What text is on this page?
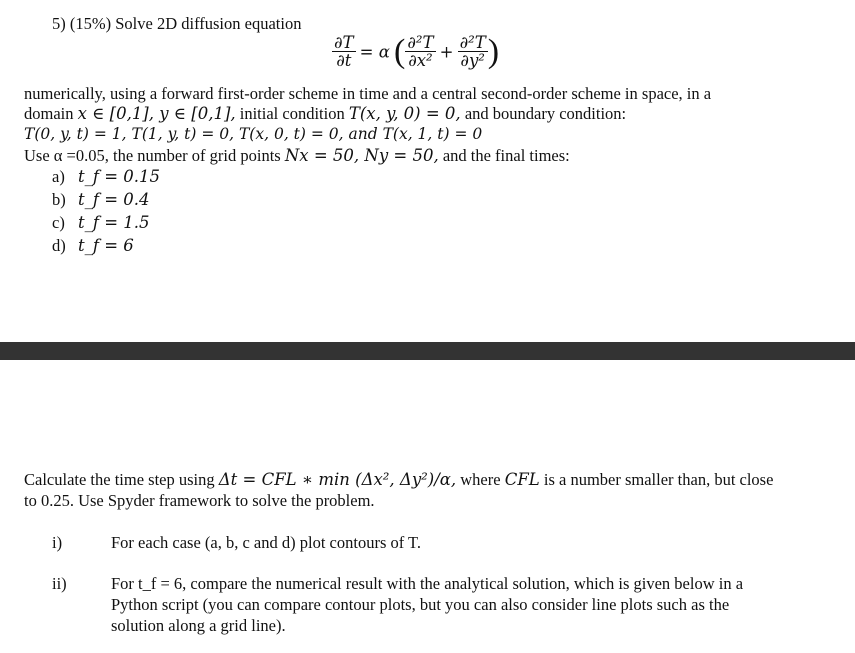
5) (15%) Solve 2D diffusion equation
$\frac{\partial T}{\partial t} = \alpha$ ( $\frac{\text{∂²T}}{\text{∂x²}} + \frac{\text{∂²T}}{\text{∂y²}}$ )
numerically, using a forward first-order scheme in time and a central second-order scheme in space, in a
domain x ∈ [0,1], y ∈ [0,1], initial condition T(x, y, 0) = 0, and boundary condition:
T(0, y, t) = 1, T(1, y, t) = 0, T(x, 0, t) = 0, and T(x, 1, t) = 0
Use α =0.05, the number of grid points Nx = 50, Ny = 50, and the final times:
a) t_f = 0.15
b) t_f = 0.4
c) t_f = 1.5
d) t_f = 6
Calculate the time step using Δt = CFL ∗ min (Δx², Δy²)/α, where CFL is a number smaller than, but close
to 0.25. Use Spyder framework to solve the problem.
i)	For each case (a, b, c and d) plot contours of T.
ii)	For t_f = 6, compare the numerical result with the analytical solution, which is given below in a
Python script (you can compare contour plots, but you can also consider line plots such as the
solution along a grid line).
